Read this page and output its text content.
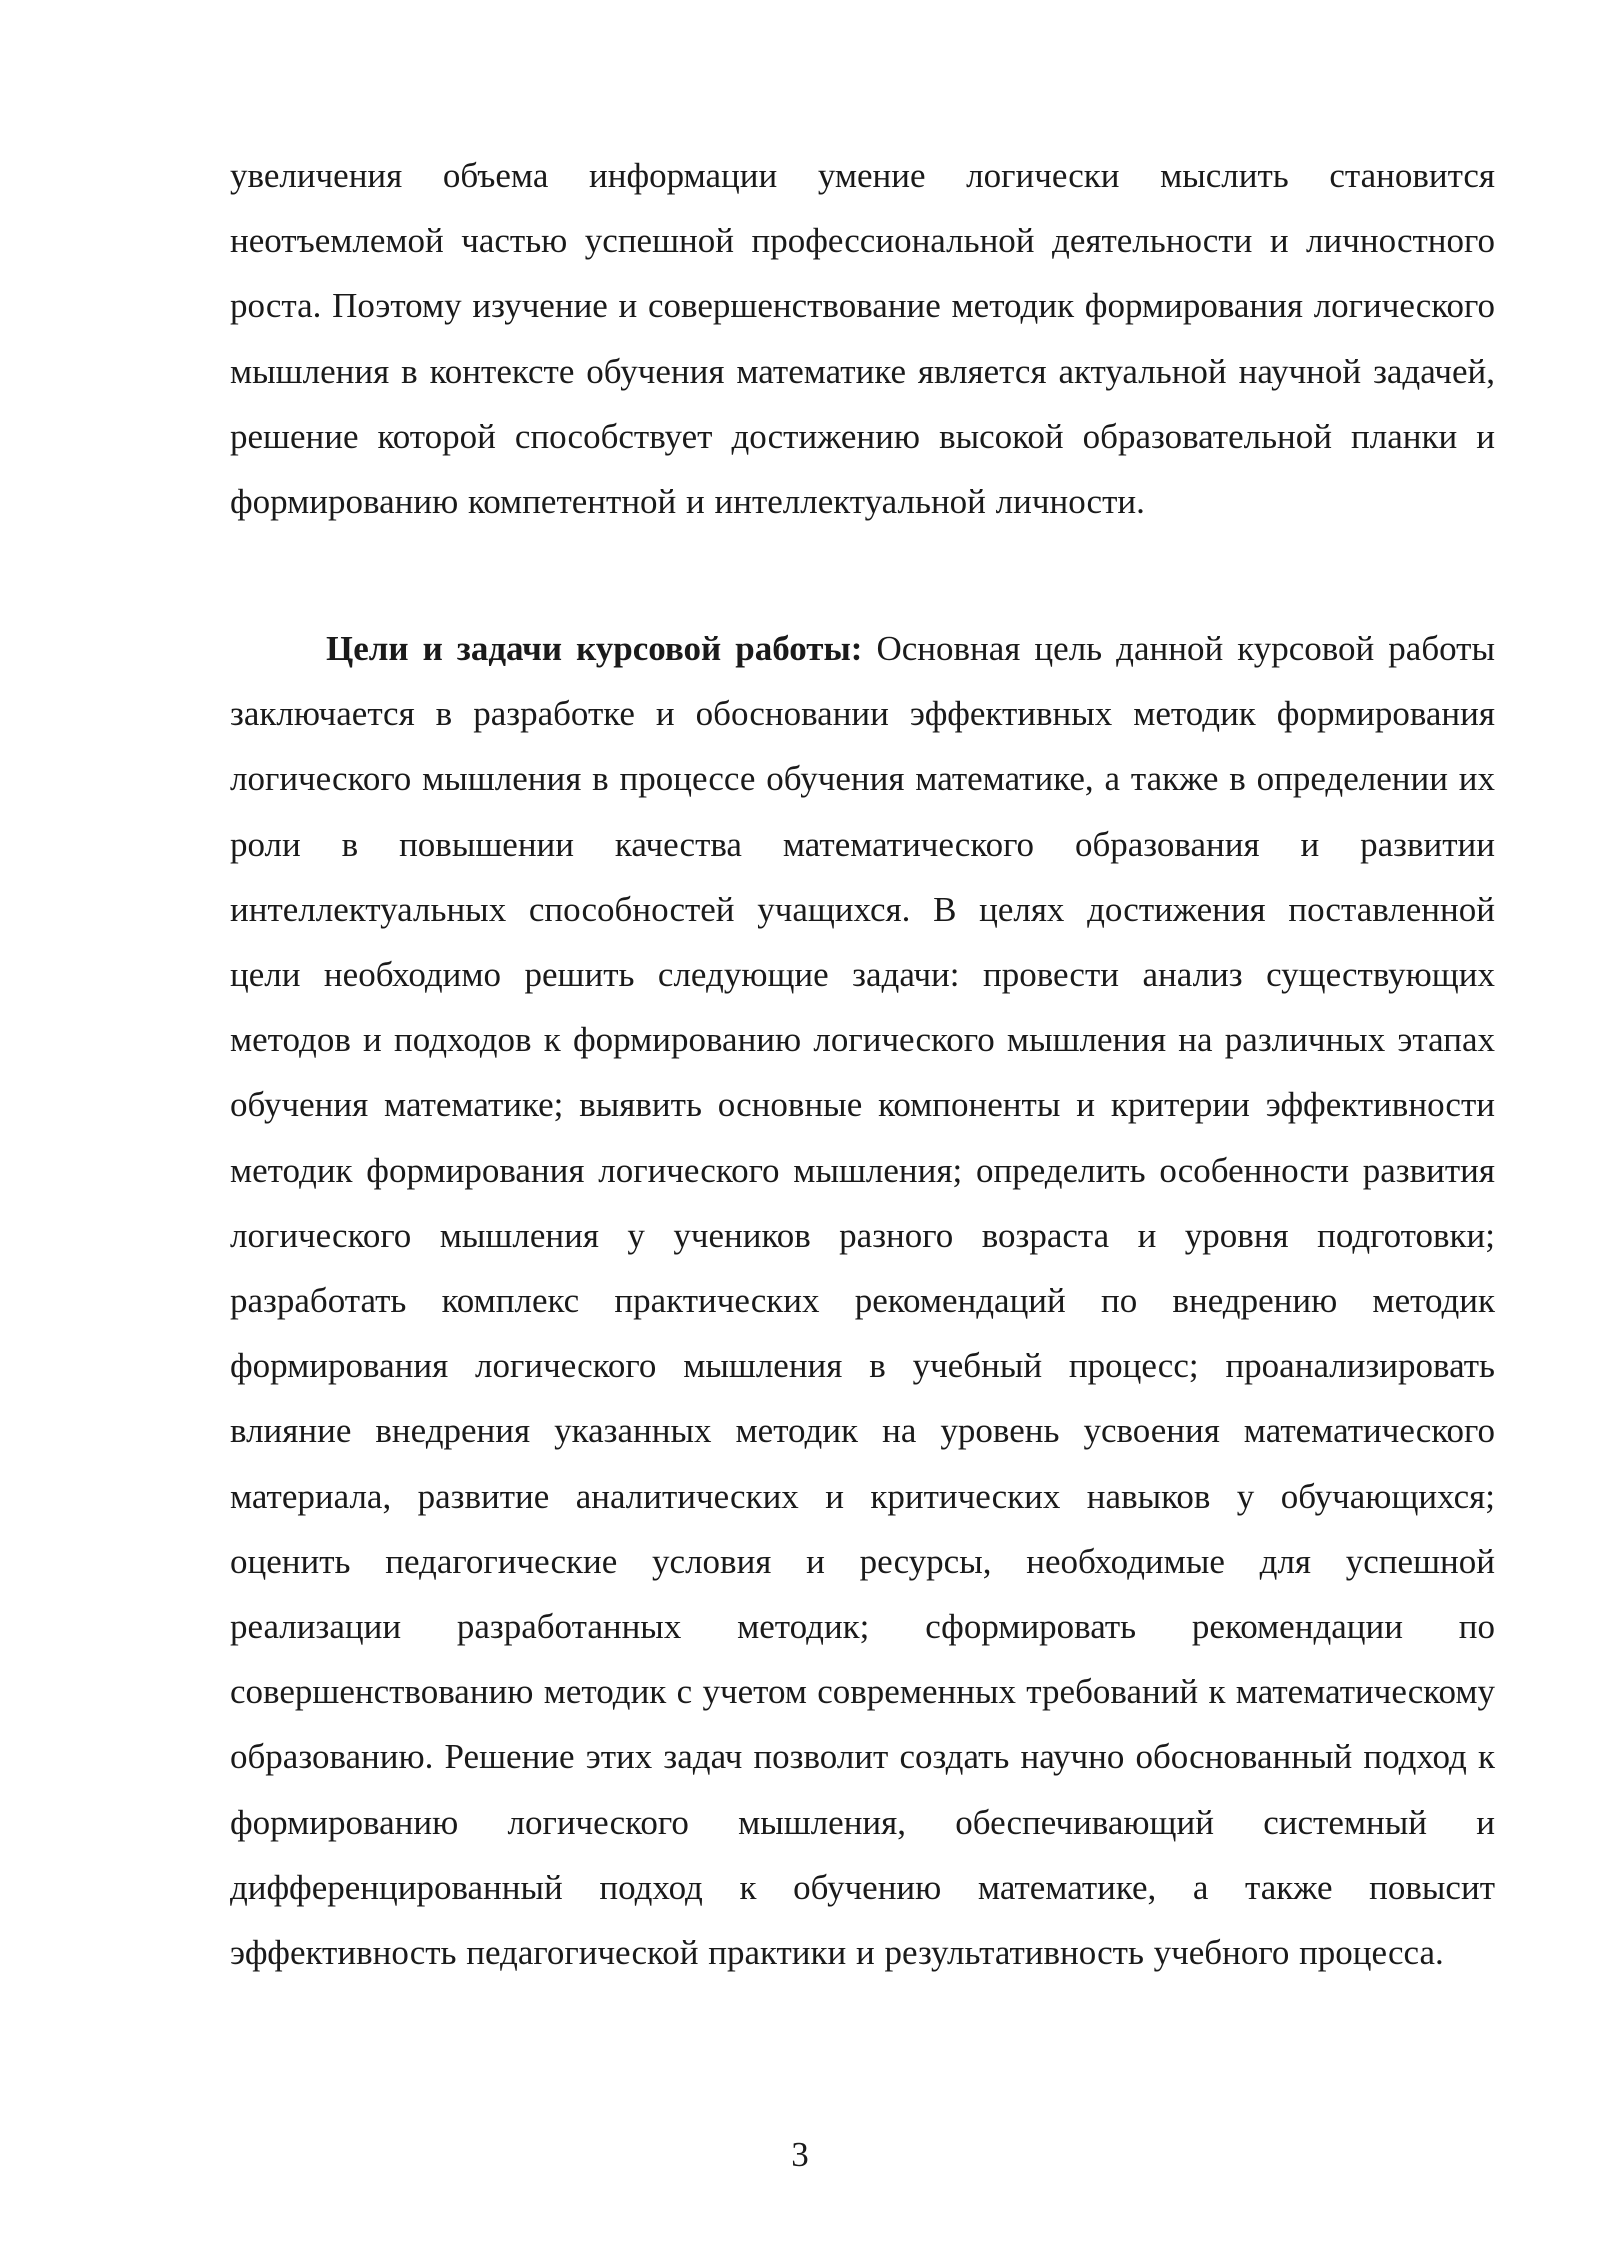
увеличения объема информации умение логически мыслить становится неотъемлемой частью успешной профессиональной деятельности и личностного роста. Поэтому изучение и совершенствование методик формирования логического мышления в контексте обучения математике является актуальной научной задачей, решение которой способствует достижению высокой образовательной планки и формированию компетентной и интеллектуальной личности.

Цели и задачи курсовой работы: Основная цель данной курсовой работы заключается в разработке и обосновании эффективных методик формирования логического мышления в процессе обучения математике, а также в определении их роли в повышении качества математического образования и развитии интеллектуальных способностей учащихся. В целях достижения поставленной цели необходимо решить следующие задачи: провести анализ существующих методов и подходов к формированию логического мышления на различных этапах обучения математике; выявить основные компоненты и критерии эффективности методик формирования логического мышления; определить особенности развития логического мышления у учеников разного возраста и уровня подготовки; разработать комплекс практических рекомендаций по внедрению методик формирования логического мышления в учебный процесс; проанализировать влияние внедрения указанных методик на уровень усвоения математического материала, развитие аналитических и критических навыков у обучающихся; оценить педагогические условия и ресурсы, необходимые для успешной реализации разработанных методик; сформировать рекомендации по совершенствованию методик с учетом современных требований к математическому образованию. Решение этих задач позволит создать научно обоснованный подход к формированию логического мышления, обеспечивающий системный и дифференцированный подход к обучению математике, а также повысит эффективность педагогической практики и результативность учебного процесса.

3
